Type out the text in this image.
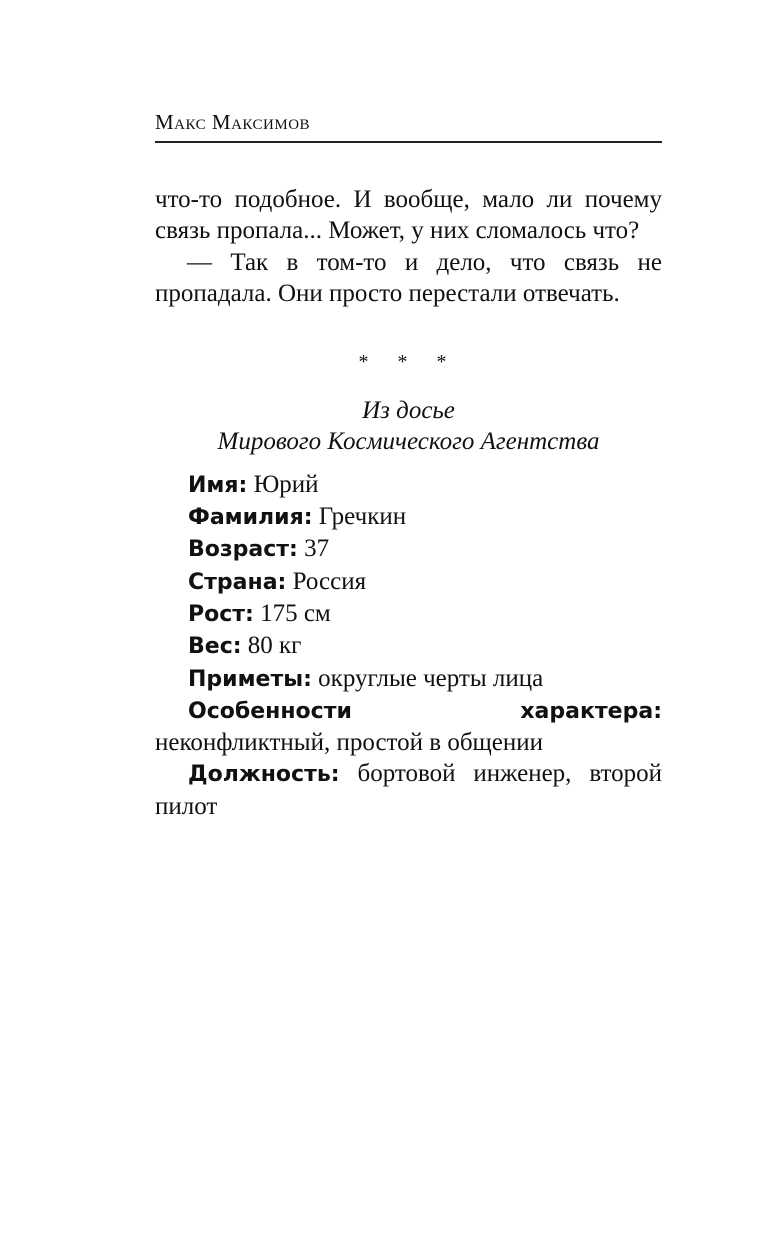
Макс Максимов

что-то подобное. И вообще, мало ли почему связь пропала... Может, у них сломалось что?

— Так в том-то и дело, что связь не пропадала. Они просто перестали отвечать.

* * *
Из досье
Мирового Космического Агентства

Имя: Юрий

Фамилия: Гречкин

Возраст: 37

Страна: Россия

Рост: 175 см

Вес: 80 кг

Приметы: округлые черты лица

Особенности характера: неконфликтный, простой в общении

Должность: бортовой инженер, второй пилот
